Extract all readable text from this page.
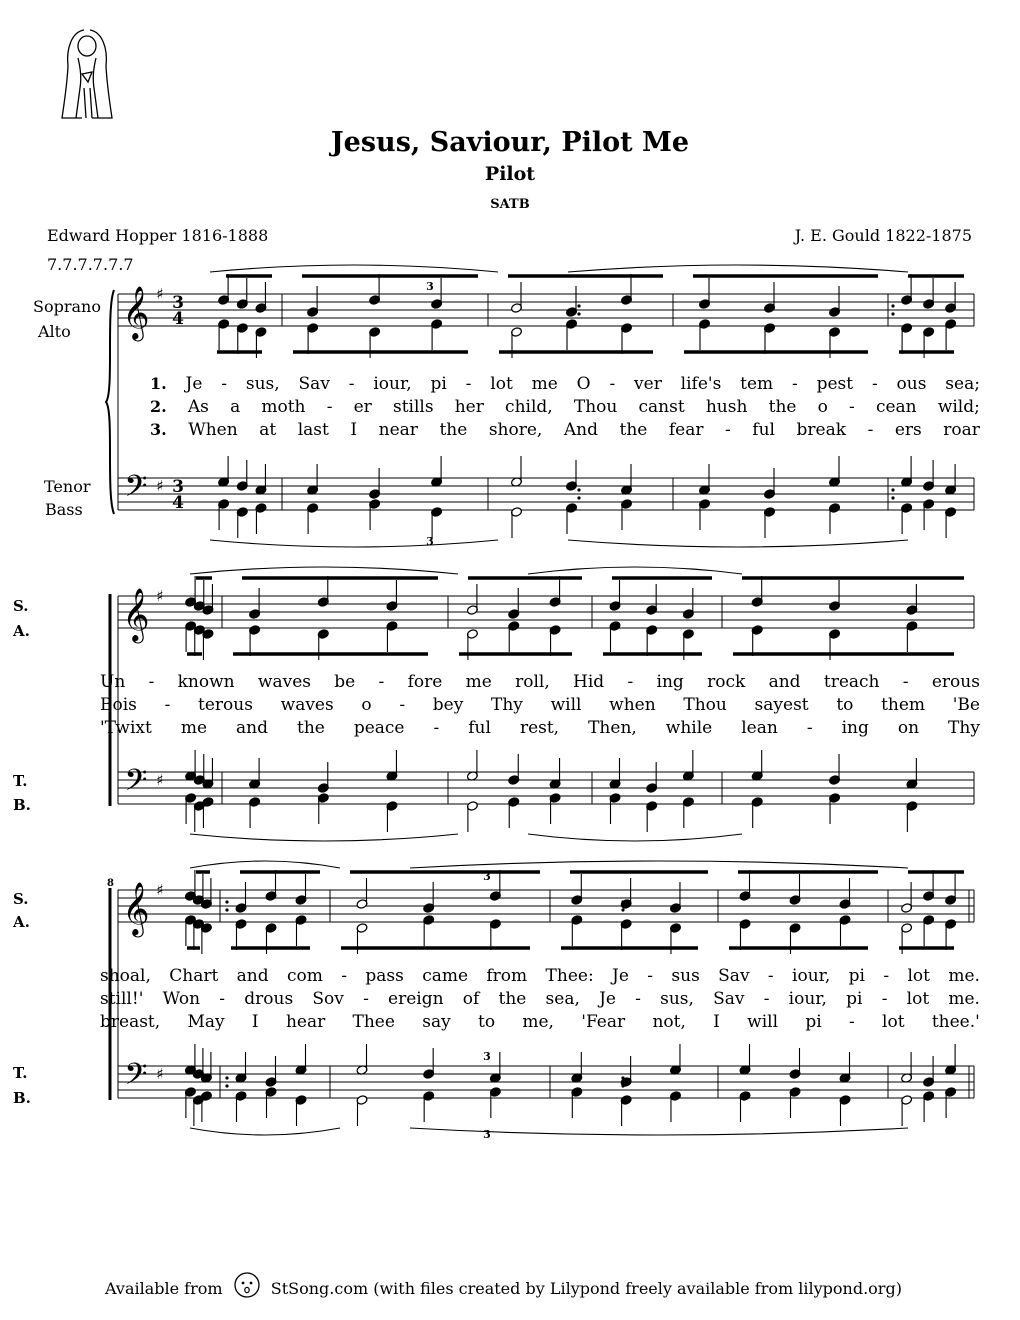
Jesus, Saviour, Pilot Me
Pilot
SATB
Edward Hopper 1816-1888	J. E. Gould 1822-1875
7.7.7.7.7.7
Soprano
Alto
Tenor
Bass
S.
A.
T.
B.
S.
A.
T.
B.
𝄞
𝄢
♯
♯
3
4
3
4
𝄞
𝄢
♯
♯
𝄞
𝄢
♯
♯
8
3
3
3
3
3
1. Je - sus, Sav - iour, pi - lot me O - ver life's tem - pest - ous sea;
2. As a moth - er stills her child, Thou canst hush the o - cean wild;
3. When at last I near the shore, And the fear - ful break - ers roar
Un - known waves be - fore me roll, Hid - ing rock and treach - erous
Bois - terous waves o - bey Thy will when Thou sayest to them 'Be
'Twixt me and the peace - ful rest, Then, while lean - ing on Thy
shoal, Chart and com - pass came from Thee: Je - sus Sav - iour, pi - lot me.
still!' Won - drous Sov - ereign of the sea, Je - sus, Sav - iour, pi - lot me.
breast, May I hear Thee say to me, 'Fear not, I will pi - lot thee.'
Available from	StSong.com (with files created by Lilypond freely available from lilypond.org)
